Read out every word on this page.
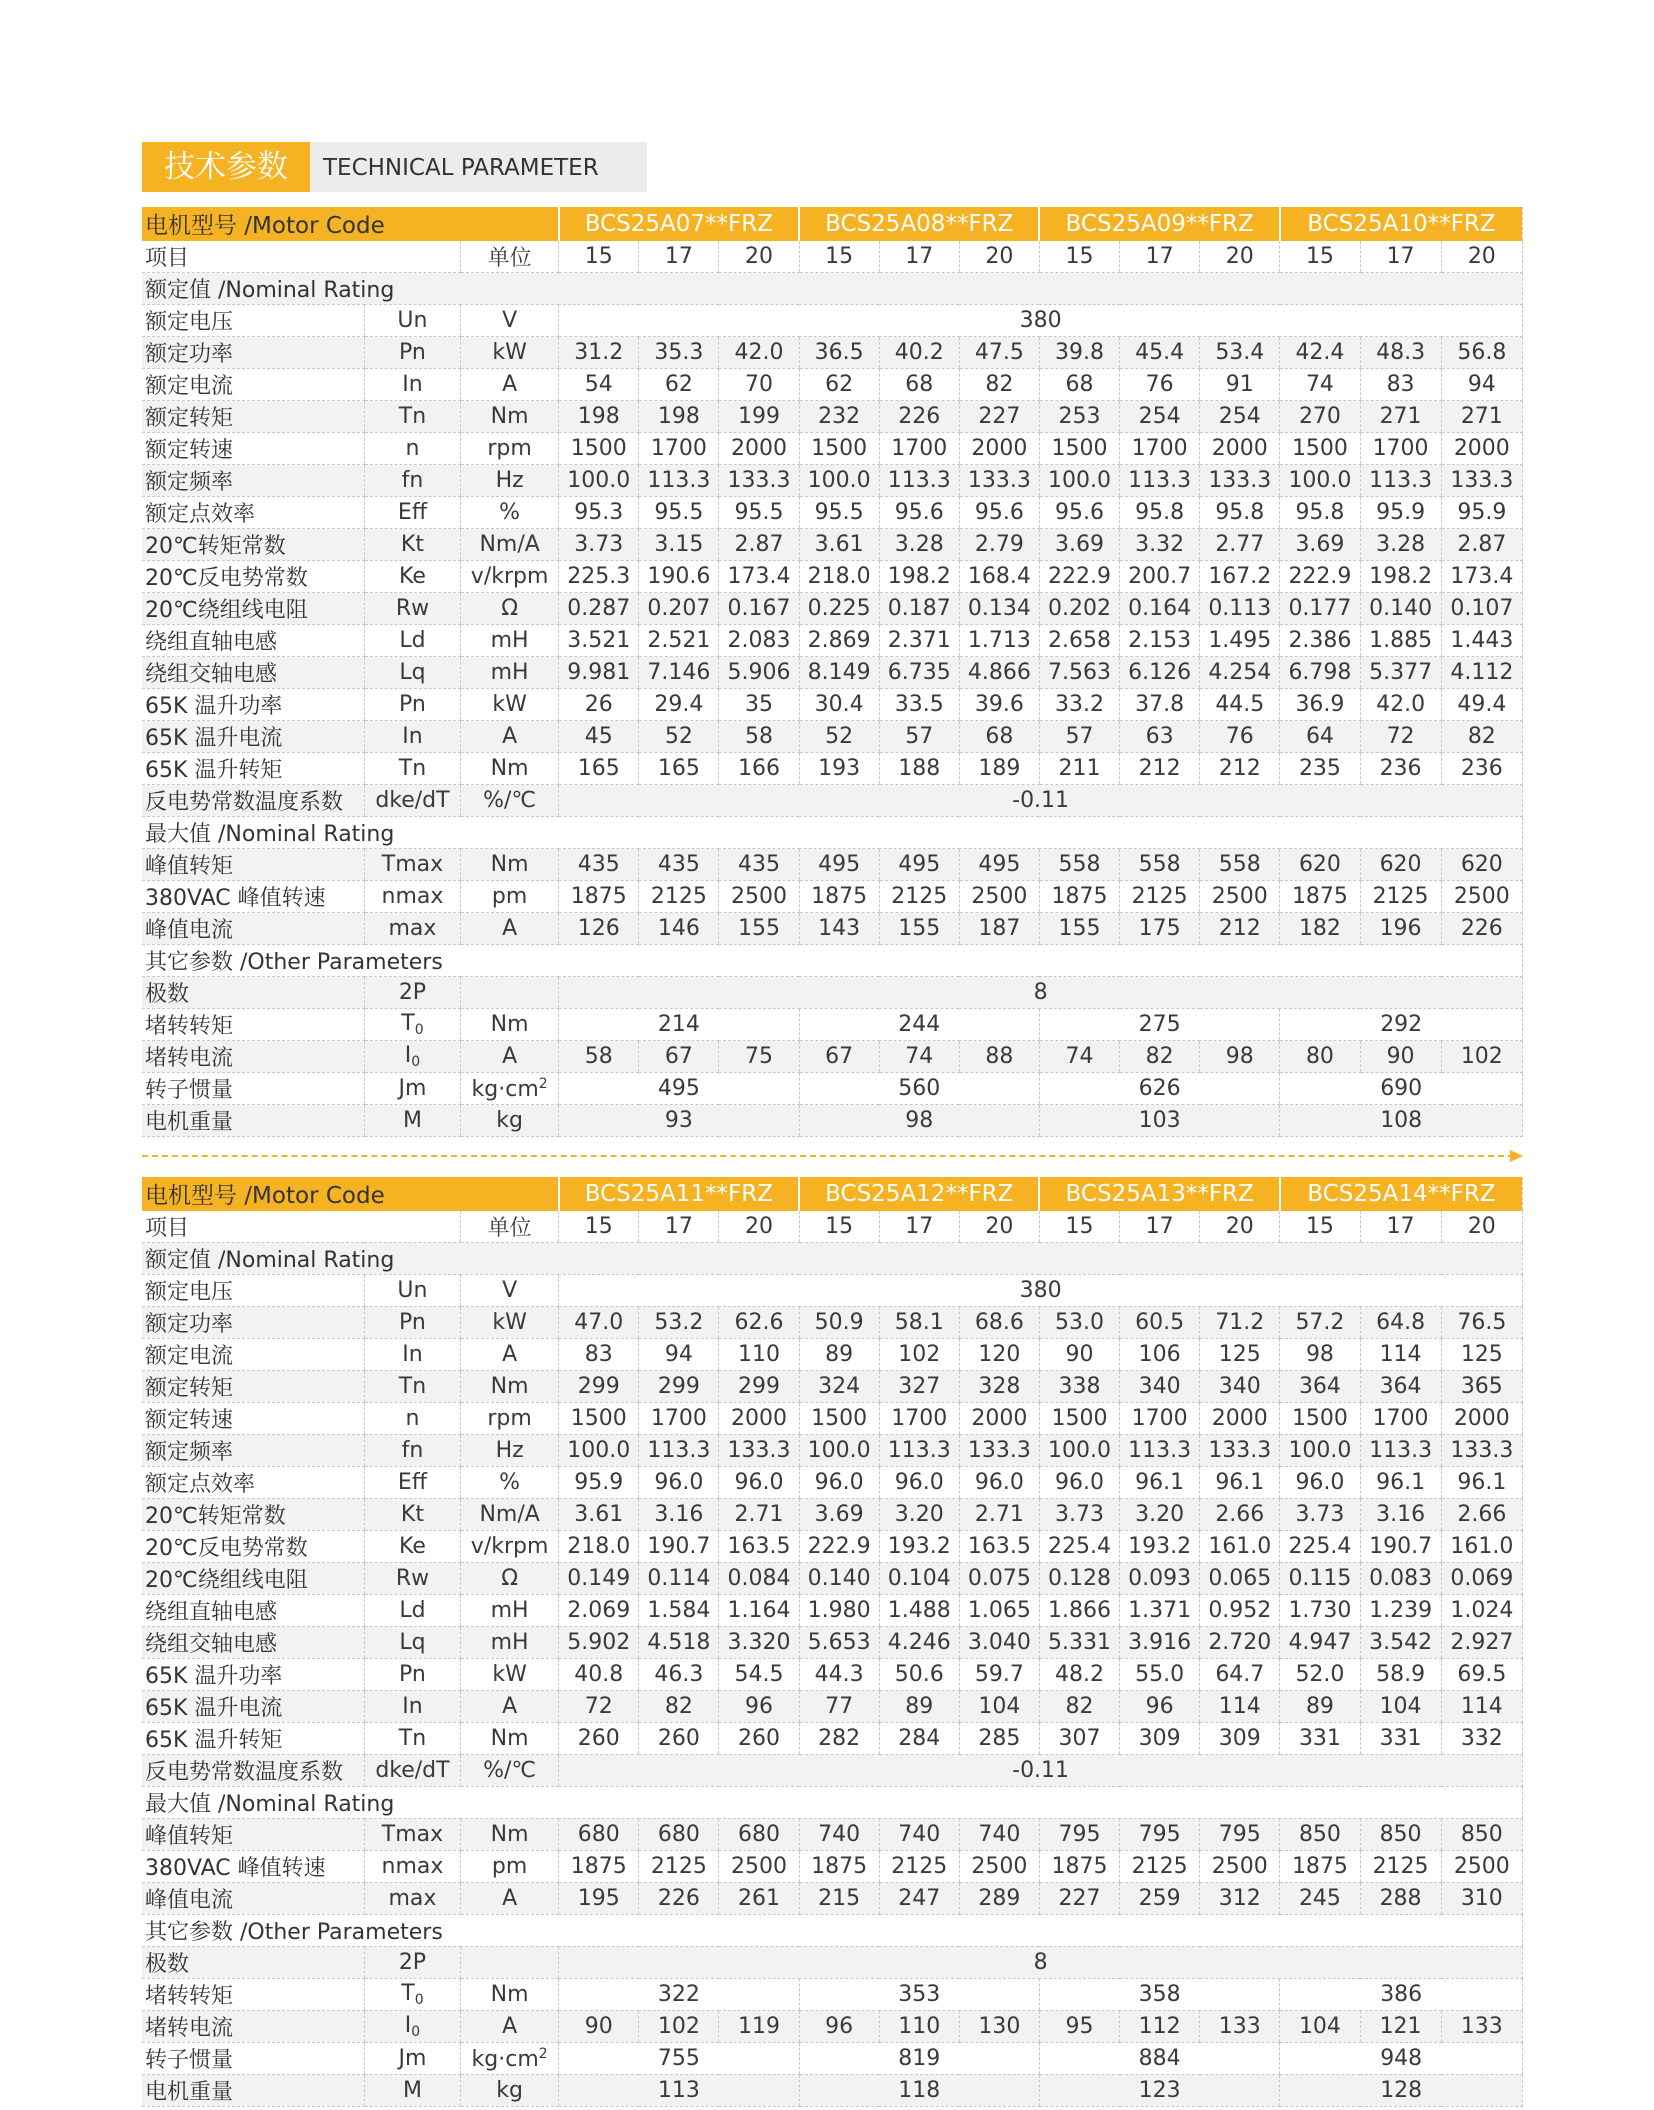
技术参数	TECHNICAL PARAMETER
电机型号 /Motor Code			BCS25A07**FRZ			BCS25A08**FRZ			BCS25A09**FRZ			BCS25A10**FRZ		
项目		单位	15	17	20	15	17	20	15	17	20	15	17	20
额定值 /Nominal Rating														
额定电压	Un	V	380											
额定功率	Pn	kW	31.2	35.3	42.0	36.5	40.2	47.5	39.8	45.4	53.4	42.4	48.3	56.8
额定电流	In	A	54	62	70	62	68	82	68	76	91	74	83	94
额定转矩	Tn	Nm	198	198	199	232	226	227	253	254	254	270	271	271
额定转速	n	rpm	1500	1700	2000	1500	1700	2000	1500	1700	2000	1500	1700	2000
额定频率	fn	Hz	100.0	113.3	133.3	100.0	113.3	133.3	100.0	113.3	133.3	100.0	113.3	133.3
额定点效率	Eff	%	95.3	95.5	95.5	95.5	95.6	95.6	95.6	95.8	95.8	95.8	95.9	95.9
20℃转矩常数	Kt	Nm/A	3.73	3.15	2.87	3.61	3.28	2.79	3.69	3.32	2.77	3.69	3.28	2.87
20℃反电势常数	Ke	v/krpm	225.3	190.6	173.4	218.0	198.2	168.4	222.9	200.7	167.2	222.9	198.2	173.4
20℃绕组线电阻	Rw	Ω	0.287	0.207	0.167	0.225	0.187	0.134	0.202	0.164	0.113	0.177	0.140	0.107
绕组直轴电感	Ld	mH	3.521	2.521	2.083	2.869	2.371	1.713	2.658	2.153	1.495	2.386	1.885	1.443
绕组交轴电感	Lq	mH	9.981	7.146	5.906	8.149	6.735	4.866	7.563	6.126	4.254	6.798	5.377	4.112
65K 温升功率	Pn	kW	26	29.4	35	30.4	33.5	39.6	33.2	37.8	44.5	36.9	42.0	49.4
65K 温升电流	In	A	45	52	58	52	57	68	57	63	76	64	72	82
65K 温升转矩	Tn	Nm	165	165	166	193	188	189	211	212	212	235	236	236
反电势常数温度系数	dke/dT	%/℃	-0.11											
最大值 /Nominal Rating														
峰值转矩	Tmax	Nm	435	435	435	495	495	495	558	558	558	620	620	620
380VAC 峰值转速	nmax	pm	1875	2125	2500	1875	2125	2500	1875	2125	2500	1875	2125	2500
峰值电流	max	A	126	146	155	143	155	187	155	175	212	182	196	226
其它参数 /Other Parameters														
极数	2P		8											
堵转转矩	$T_0$	Nm	214			244			275			292		
堵转电流	$I_0$	A	58	67	75	67	74	88	74	82	98	80	90	102
转子惯量	Jm	$kg\cdot cm^2$	495			560			626			690		
电机重量	M	kg	93			98			103			108		
电机型号 /Motor Code			BCS25A11**FRZ			BCS25A12**FRZ			BCS25A13**FRZ			BCS25A14**FRZ		
项目		单位	15	17	20	15	17	20	15	17	20	15	17	20
额定值 /Nominal Rating														
额定电压	Un	V	380											
额定功率	Pn	kW	47.0	53.2	62.6	50.9	58.1	68.6	53.0	60.5	71.2	57.2	64.8	76.5
额定电流	In	A	83	94	110	89	102	120	90	106	125	98	114	125
额定转矩	Tn	Nm	299	299	299	324	327	328	338	340	340	364	364	365
额定转速	n	rpm	1500	1700	2000	1500	1700	2000	1500	1700	2000	1500	1700	2000
额定频率	fn	Hz	100.0	113.3	133.3	100.0	113.3	133.3	100.0	113.3	133.3	100.0	113.3	133.3
额定点效率	Eff	%	95.9	96.0	96.0	96.0	96.0	96.0	96.0	96.1	96.1	96.0	96.1	96.1
20℃转矩常数	Kt	Nm/A	3.61	3.16	2.71	3.69	3.20	2.71	3.73	3.20	2.66	3.73	3.16	2.66
20℃反电势常数	Ke	v/krpm	218.0	190.7	163.5	222.9	193.2	163.5	225.4	193.2	161.0	225.4	190.7	161.0
20℃绕组线电阻	Rw	Ω	0.149	0.114	0.084	0.140	0.104	0.075	0.128	0.093	0.065	0.115	0.083	0.069
绕组直轴电感	Ld	mH	2.069	1.584	1.164	1.980	1.488	1.065	1.866	1.371	0.952	1.730	1.239	1.024
绕组交轴电感	Lq	mH	5.902	4.518	3.320	5.653	4.246	3.040	5.331	3.916	2.720	4.947	3.542	2.927
65K 温升功率	Pn	kW	40.8	46.3	54.5	44.3	50.6	59.7	48.2	55.0	64.7	52.0	58.9	69.5
65K 温升电流	In	A	72	82	96	77	89	104	82	96	114	89	104	114
65K 温升转矩	Tn	Nm	260	260	260	282	284	285	307	309	309	331	331	332
反电势常数温度系数	dke/dT	%/℃	-0.11											
最大值 /Nominal Rating														
峰值转矩	Tmax	Nm	680	680	680	740	740	740	795	795	795	850	850	850
380VAC 峰值转速	nmax	pm	1875	2125	2500	1875	2125	2500	1875	2125	2500	1875	2125	2500
峰值电流	max	A	195	226	261	215	247	289	227	259	312	245	288	310
其它参数 /Other Parameters														
极数	2P		8											
堵转转矩	$T_0$	Nm	322			353			358			386		
堵转电流	$I_0$	A	90	102	119	96	110	130	95	112	133	104	121	133
转子惯量	Jm	$kg\cdot cm^2$	755			819			884			948		
电机重量	M	kg	113			118			123			128		
